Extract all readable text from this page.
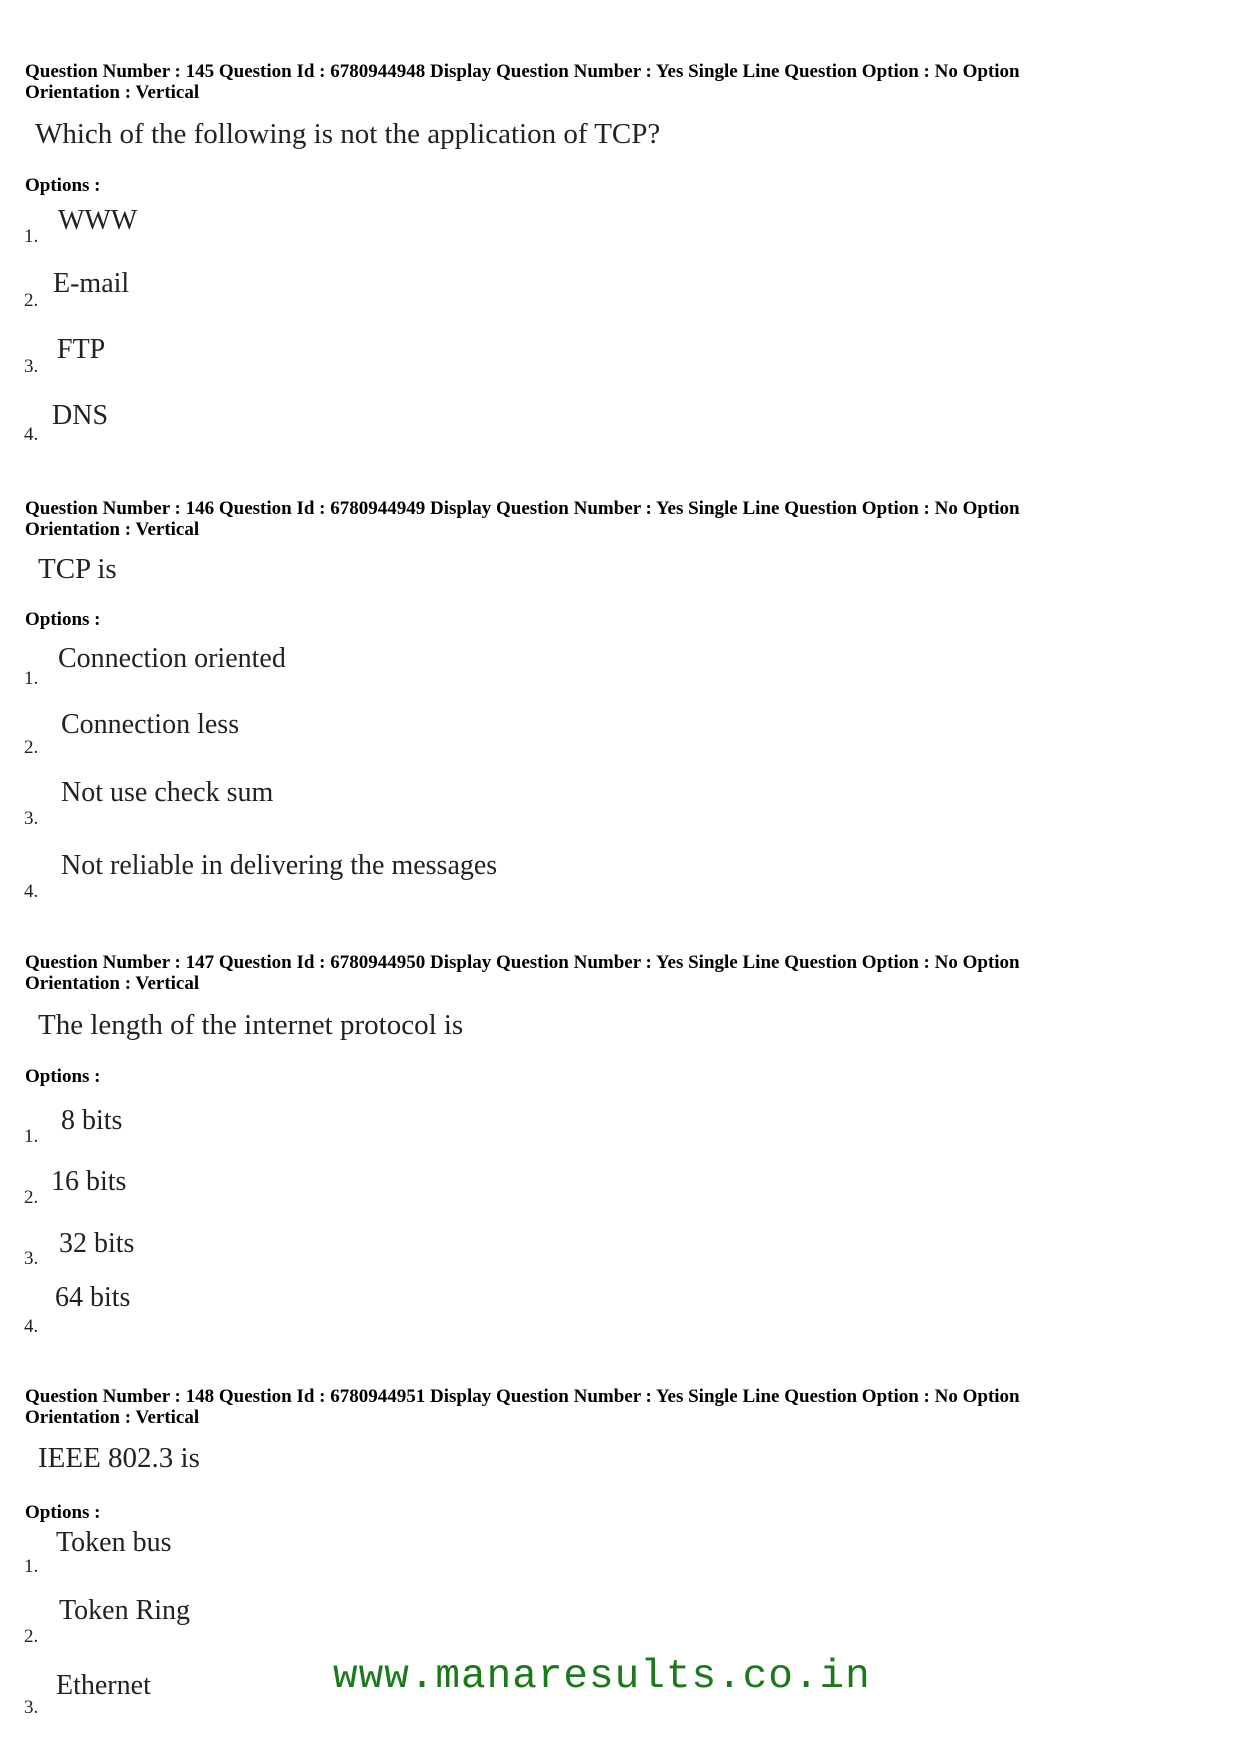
Question Number : 145 Question Id : 6780944948 Display Question Number : Yes Single Line Question Option : No Option
Orientation : Vertical
Which of the following is not the application of TCP?
Options :
1.
WWW
2.
E-mail
3.
FTP
4.
DNS
Question Number : 146 Question Id : 6780944949 Display Question Number : Yes Single Line Question Option : No Option
Orientation : Vertical
TCP is
Options :
1.
Connection oriented
2.
Connection less
3.
Not use check sum
4.
Not reliable in delivering the messages
Question Number : 147 Question Id : 6780944950 Display Question Number : Yes Single Line Question Option : No Option
Orientation : Vertical
The length of the internet protocol is
Options :
1.
8 bits
2.
16 bits
3. 32 bits
4.
64 bits
Question Number : 148 Question Id : 6780944951 Display Question Number : Yes Single Line Question Option : No Option
Orientation : Vertical
IEEE 802.3 is
Options :
1.
Token bus
2.
Token Ring
3.
Ethernet	www.manaresults.co.in
